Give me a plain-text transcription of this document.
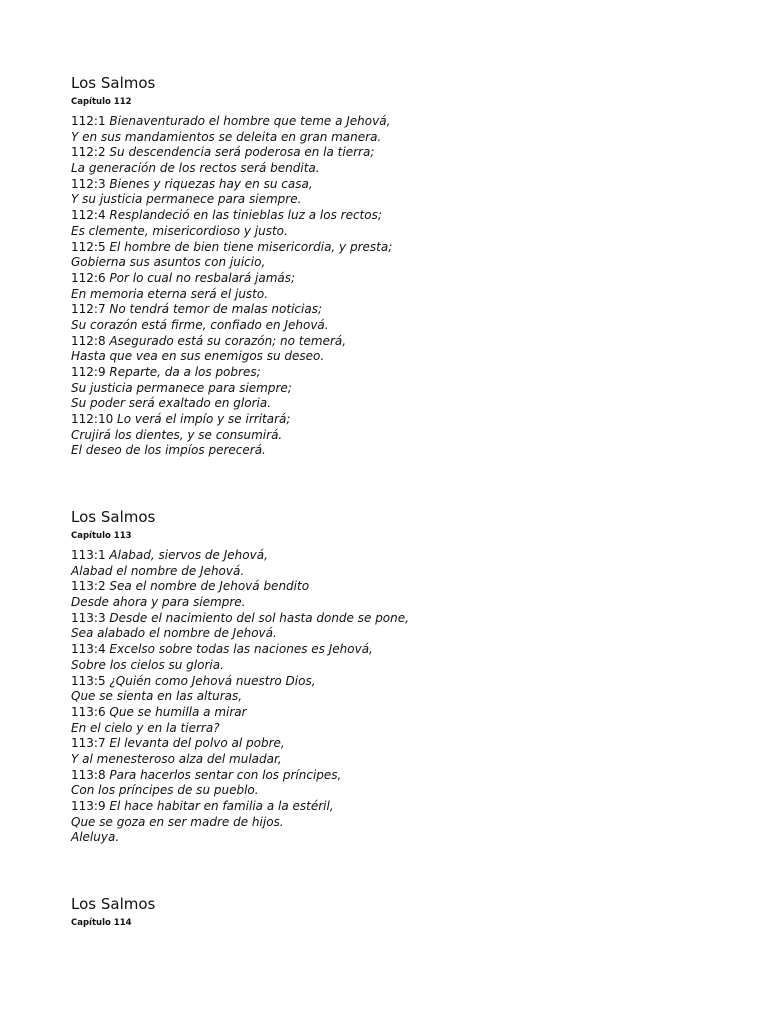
Los Salmos
Capítulo 112
112:1 Bienaventurado el hombre que teme a Jehová,
Y en sus mandamientos se deleita en gran manera.
112:2 Su descendencia será poderosa en la tierra;
La generación de los rectos será bendita.
112:3 Bienes y riquezas hay en su casa,
Y su justicia permanece para siempre.
112:4 Resplandeció en las tinieblas luz a los rectos;
Es clemente, misericordioso y justo.
112:5 El hombre de bien tiene misericordia, y presta;
Gobierna sus asuntos con juicio,
112:6 Por lo cual no resbalará jamás;
En memoria eterna será el justo.
112:7 No tendrá temor de malas noticias;
Su corazón está firme, confiado en Jehová.
112:8 Asegurado está su corazón; no temerá,
Hasta que vea en sus enemigos su deseo.
112:9 Reparte, da a los pobres;
Su justicia permanece para siempre;
Su poder será exaltado en gloria.
112:10 Lo verá el impío y se irritará;
Crujirá los dientes, y se consumirá.
El deseo de los impíos perecerá.
Los Salmos
Capítulo 113
113:1 Alabad, siervos de Jehová,
Alabad el nombre de Jehová.
113:2 Sea el nombre de Jehová bendito
Desde ahora y para siempre.
113:3 Desde el nacimiento del sol hasta donde se pone,
Sea alabado el nombre de Jehová.
113:4 Excelso sobre todas las naciones es Jehová,
Sobre los cielos su gloria.
113:5 ¿Quién como Jehová nuestro Dios,
Que se sienta en las alturas,
113:6 Que se humilla a mirar
En el cielo y en la tierra?
113:7 El levanta del polvo al pobre,
Y al menesteroso alza del muladar,
113:8 Para hacerlos sentar con los príncipes,
Con los príncipes de su pueblo.
113:9 El hace habitar en familia a la estéril,
Que se goza en ser madre de hijos.
Aleluya.
Los Salmos
Capítulo 114
